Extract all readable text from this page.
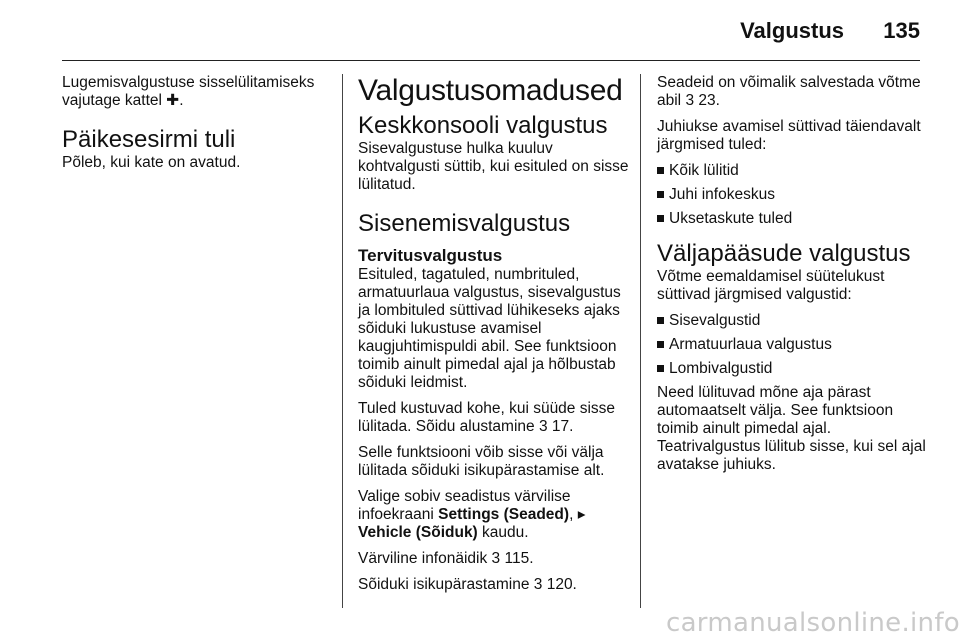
Valgustus 135

Lugemisvalgustuse sisselülitamiseks vajutage kattel ✚.

Päikesesirmi tuli

Põleb, kui kate on avatud.

Valgustusomadused
Keskkonsooli valgustus

Sisevalgustuse hulka kuuluv kohtvalgusti süttib, kui esituled on sisse lülitatud.

Sisenemisvalgustus
Tervitusvalgustus

Esituled, tagatuled, numbrituled, armatuurlaua valgustus, sisevalgustus ja lombituled süttivad lühikeseks ajaks sõiduki lukustuse avamisel kaugjuhtimispuldi abil. See funktsioon toimib ainult pimedal ajal ja hõlbustab sõiduki leidmist.

Tuled kustuvad kohe, kui süüde sisse lülitada. Sõidu alustamine 3 17.

Selle funktsiooni võib sisse või välja lülitada sõiduki isikupärastamise alt.

Valige sobiv seadistus värvilise infoekraani Settings (Seaded), ▸
Vehicle (Sõiduk) kaudu.

Värviline infonäidik 3 115.

Sõiduki isikupärastamine 3 120.

Seadeid on võimalik salvestada võtme abil 3 23.

Juhiukse avamisel süttivad täiendavalt järgmised tuled:

Kõik lülitid
Juhi infokeskus
Uksetaskute tuled
Väljapääsude valgustus

Võtme eemaldamisel süütelukust süttivad järgmised valgustid:

Sisevalgustid
Armatuurlaua valgustus
Lombivalgustid

Need lülituvad mõne aja pärast automaatselt välja. See funktsioon toimib ainult pimedal ajal.

Teatrivalgustus lülitub sisse, kui sel ajal avatakse juhiuks.

carmanualsonline.info
